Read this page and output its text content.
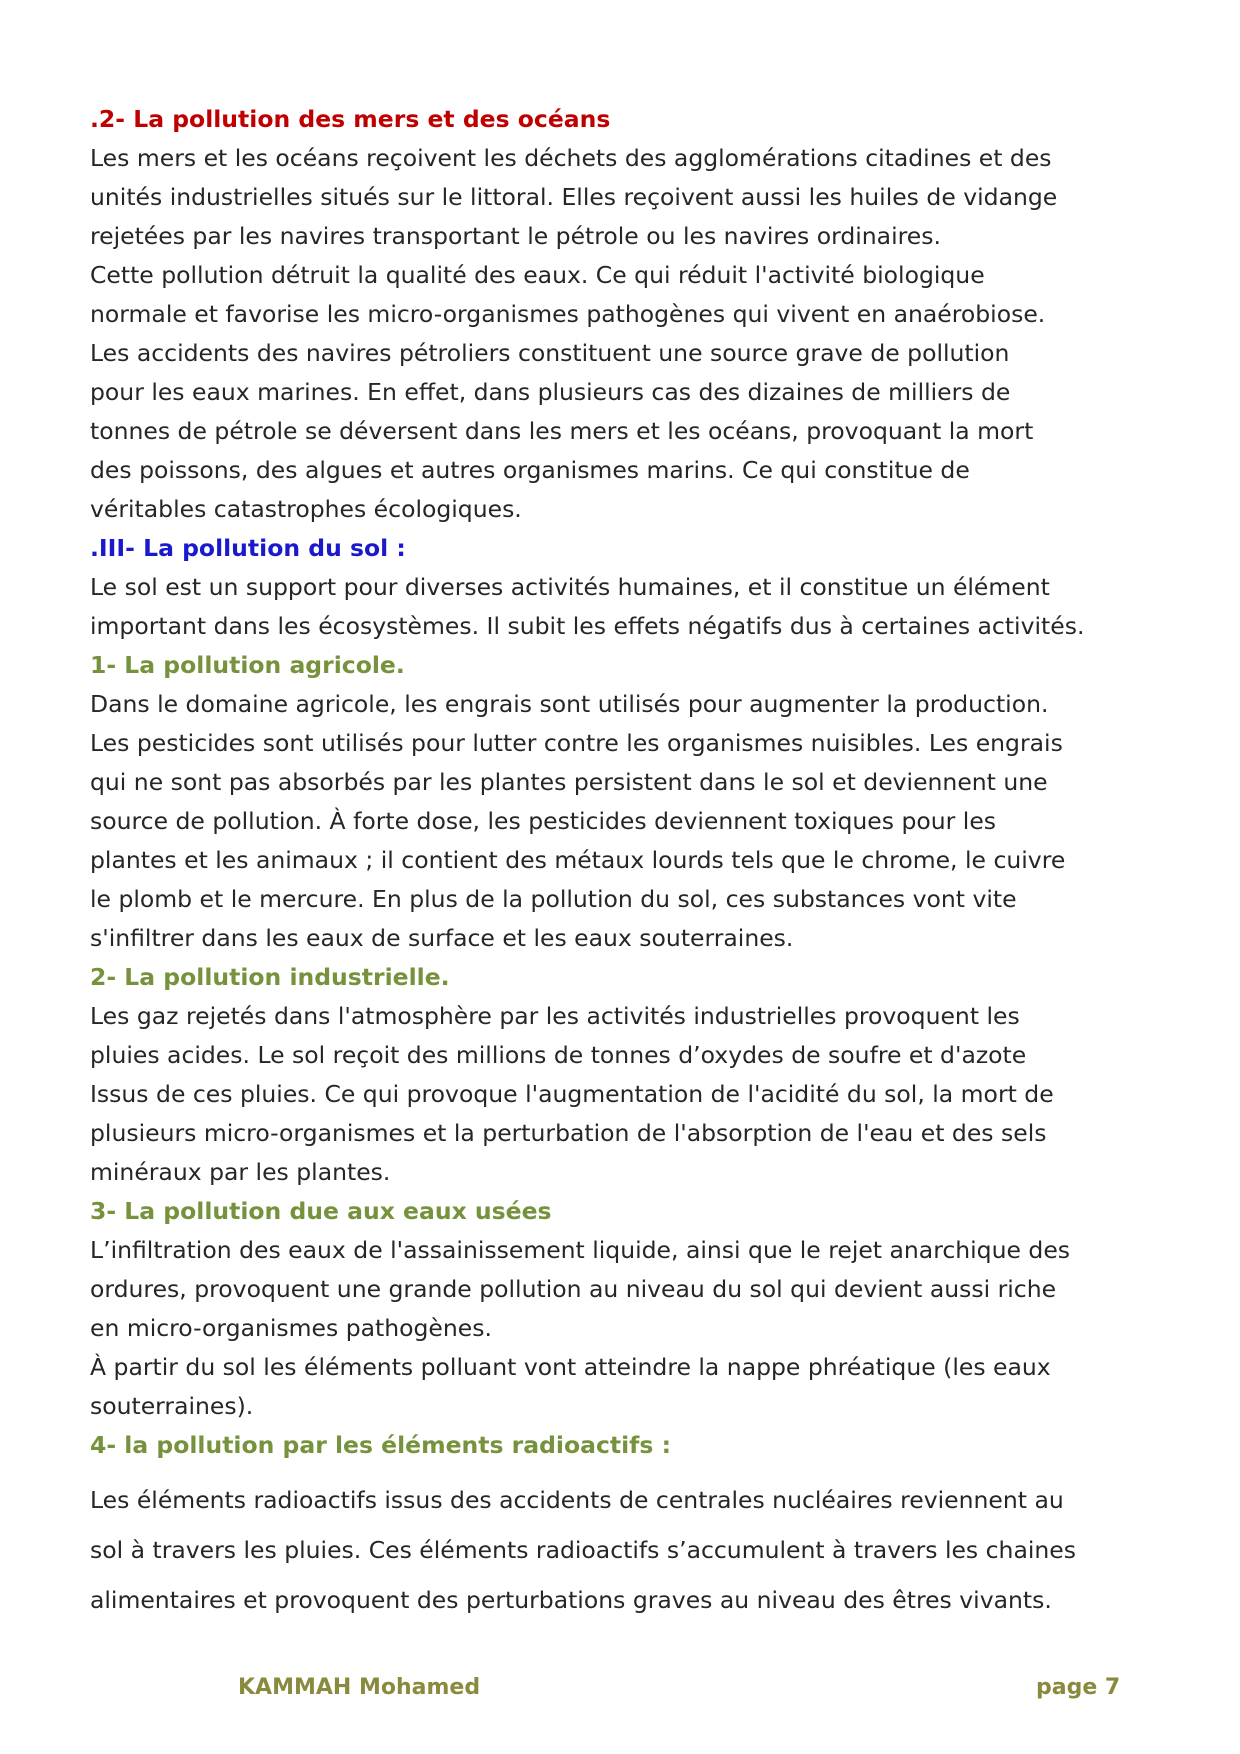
.2- La pollution des mers et des océans
Les mers et les océans reçoivent les déchets des agglomérations citadines et des
unités industrielles situés sur le littoral. Elles reçoivent aussi les huiles de vidange
rejetées par les navires transportant le pétrole ou les navires ordinaires.
Cette pollution détruit la qualité des eaux. Ce qui réduit l'activité biologique
normale et favorise les micro-organismes pathogènes qui vivent en anaérobiose.
Les accidents des navires pétroliers constituent une source grave de pollution
pour les eaux marines. En effet, dans plusieurs cas des dizaines de milliers de
tonnes de pétrole se déversent dans les mers et les océans, provoquant la mort
des poissons, des algues et autres organismes marins. Ce qui constitue de
véritables catastrophes écologiques.
.III- La pollution du sol :
Le sol est un support pour diverses activités humaines, et il constitue un élément
important dans les écosystèmes. Il subit les effets négatifs dus à certaines activités.
1- La pollution agricole.
Dans le domaine agricole, les engrais sont utilisés pour augmenter la production.
Les pesticides sont utilisés pour lutter contre les organismes nuisibles. Les engrais
qui ne sont pas absorbés par les plantes persistent dans le sol et deviennent une
source de pollution. À forte dose, les pesticides deviennent toxiques pour les
plantes et les animaux ; il contient des métaux lourds tels que le chrome, le cuivre
le plomb et le mercure. En plus de la pollution du sol, ces substances vont vite
s'infiltrer dans les eaux de surface et les eaux souterraines.
2- La pollution industrielle.
Les gaz rejetés dans l'atmosphère par les activités industrielles provoquent les
pluies acides. Le sol reçoit des millions de tonnes d’oxydes de soufre et d'azote
Issus de ces pluies. Ce qui provoque l'augmentation de l'acidité du sol, la mort de
plusieurs micro-organismes et la perturbation de l'absorption de l'eau et des sels
minéraux par les plantes.
3- La pollution due aux eaux usées
L’infiltration des eaux de l'assainissement liquide, ainsi que le rejet anarchique des
ordures, provoquent une grande pollution au niveau du sol qui devient aussi riche
en micro-organismes pathogènes.
À partir du sol les éléments polluant vont atteindre la nappe phréatique (les eaux
souterraines).
4- la pollution par les éléments radioactifs :
Les éléments radioactifs issus des accidents de centrales nucléaires reviennent au
sol à travers les pluies. Ces éléments radioactifs s’accumulent à travers les chaines
alimentaires et provoquent des perturbations graves au niveau des êtres vivants.
KAMMAH Mohamed	page 7
